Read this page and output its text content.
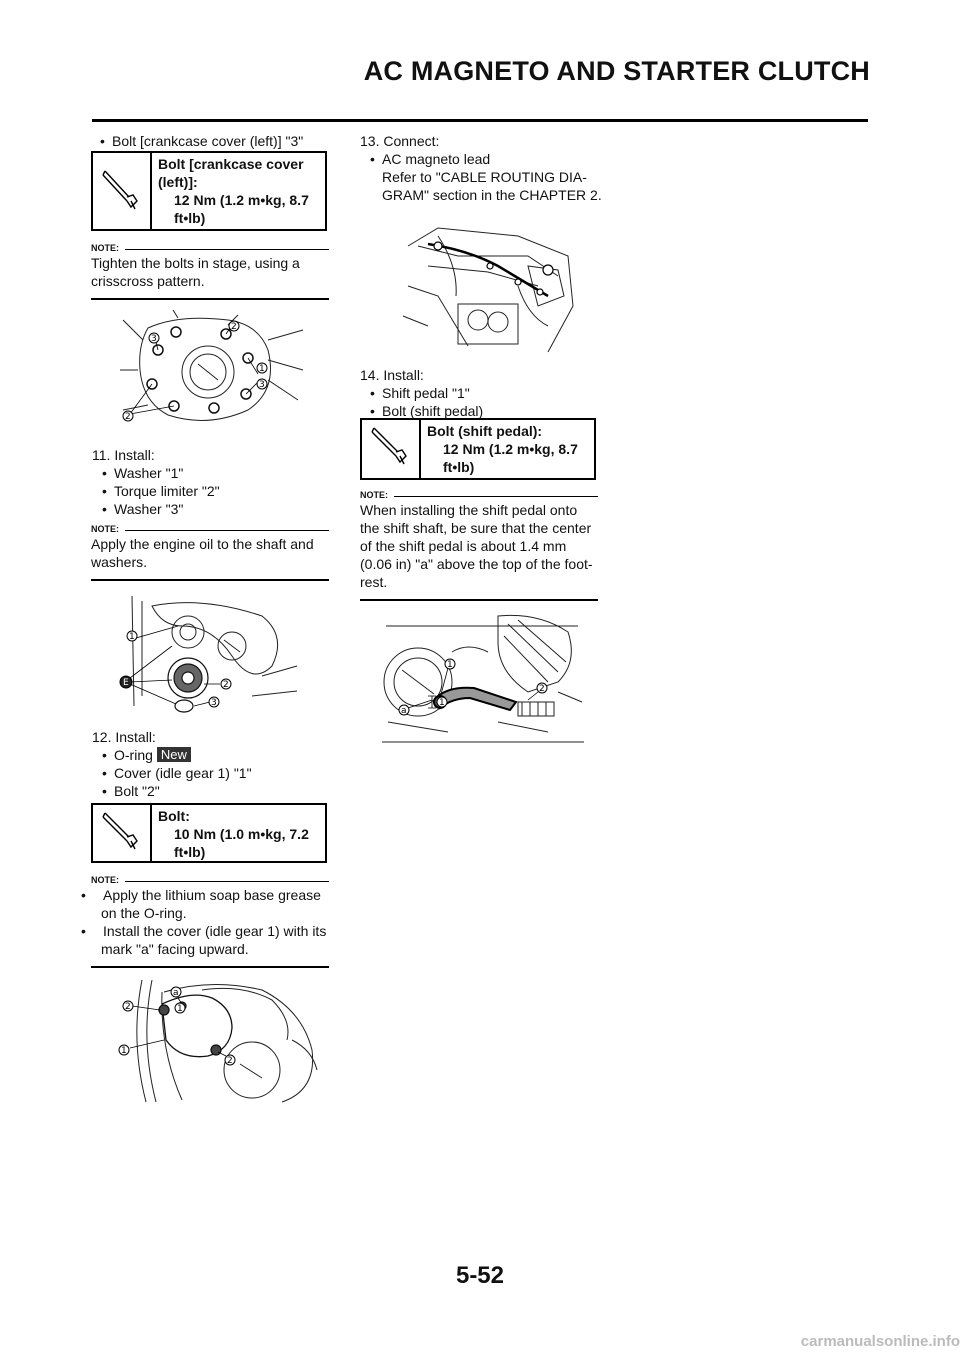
AC MAGNETO AND STARTER CLUTCH
• Bolt [crankcase cover (left)] "3"
Bolt [crankcase cover (left)]:
12 Nm (1.2 m•kg, 8.7 ft•lb)
NOTE:
Tighten the bolts in stage, using a crisscross pattern.
2
3
2
1
3
11. Install:
• Washer "1"
• Torque limiter "2"
• Washer "3"
NOTE:
Apply the engine oil to the shaft and washers.
1
2
3
E
12. Install:
• O-ring New
• Cover (idle gear 1) "1"
• Bolt "2"
Bolt:
10 Nm (1.0 m•kg, 7.2 ft•lb)
NOTE:
• Apply the lithium soap base grease on the O-ring.
• Install the cover (idle gear 1) with its mark "a" facing upward.
2
1
a
1
2
13. Connect:
• AC magneto lead
Refer to "CABLE ROUTING DIA-GRAM" section in the CHAPTER 2.
14. Install:
• Shift pedal "1"
• Bolt (shift pedal)
Bolt (shift pedal):
12 Nm (1.2 m•kg, 8.7 ft•lb)
NOTE:
When installing the shift pedal onto the shift shaft, be sure that the center of the shift pedal is about 1.4 mm (0.06 in) "a" above the top of the foot-rest.
a
1
1
2
5-52
carmanualsonline.info
